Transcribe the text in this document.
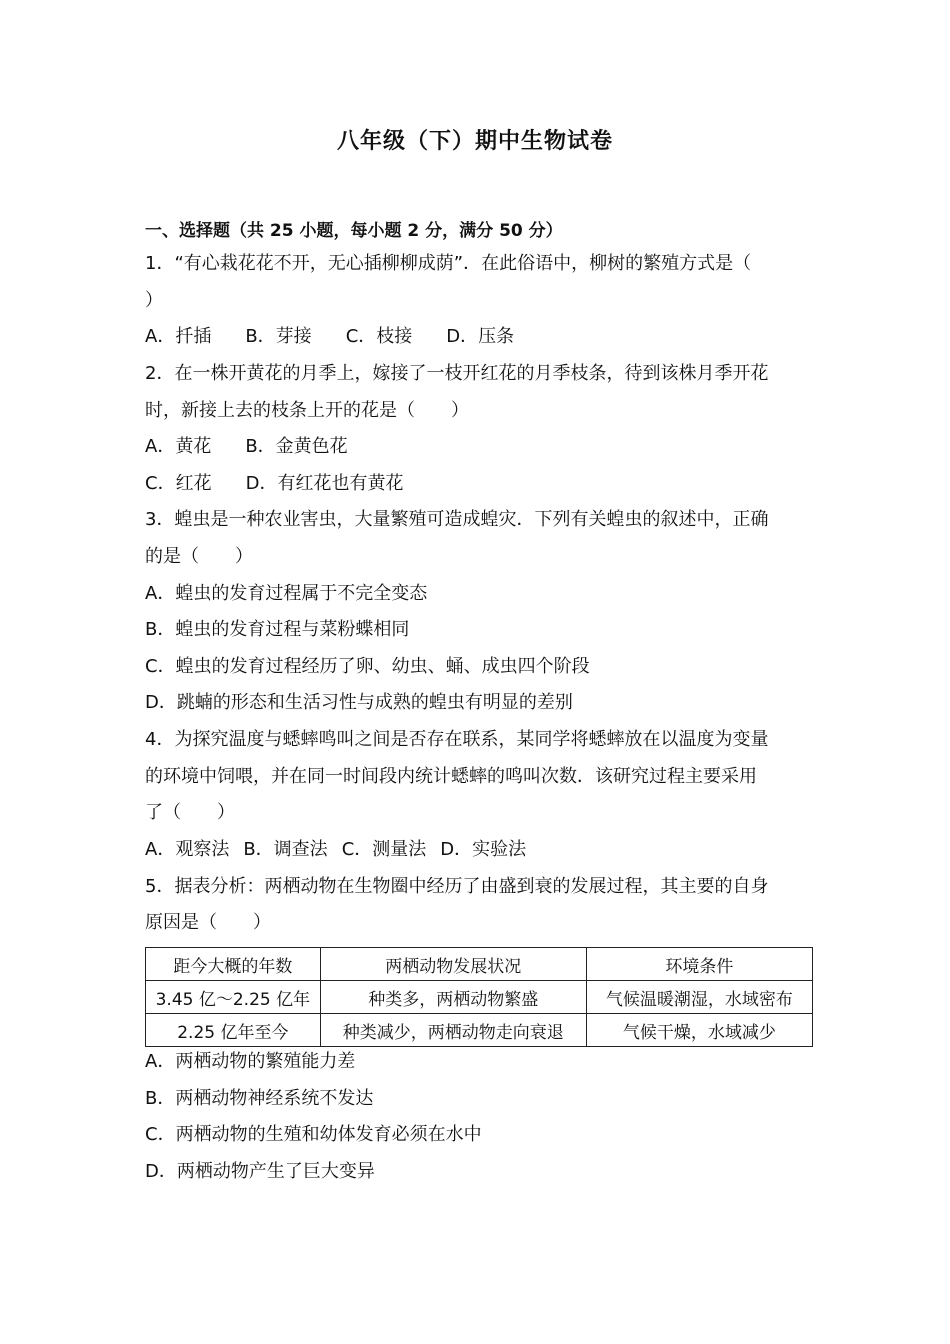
八年级（下）期中生物试卷
一、选择题（共 25 小题，每小题 2 分，满分 50 分）
1．“有心栽花花不开，无心插柳柳成荫”．在此俗语中，柳树的繁殖方式是（
）
A．扦插 B．芽接 C．枝接 D．压条
2．在一株开黄花的月季上，嫁接了一枝开红花的月季枝条，待到该株月季开花
时，新接上去的枝条上开的花是（　　）
A．黄花 B．金黄色花
C．红花 D．有红花也有黄花
3．蝗虫是一种农业害虫，大量繁殖可造成蝗灾．下列有关蝗虫的叙述中，正确
的是（　　）
A．蝗虫的发育过程属于不完全变态
B．蝗虫的发育过程与菜粉蝶相同
C．蝗虫的发育过程经历了卵、幼虫、蛹、成虫四个阶段
D．跳蝻的形态和生活习性与成熟的蝗虫有明显的差别
4．为探究温度与蟋蟀鸣叫之间是否存在联系，某同学将蟋蟀放在以温度为变量
的环境中饲喂，并在同一时间段内统计蟋蟀的鸣叫次数．该研究过程主要采用
了（　　）
A．观察法 B．调查法 C．测量法 D．实验法
5．据表分析：两栖动物在生物圈中经历了由盛到衰的发展过程，其主要的自身
原因是（　　）
距今大概的年数	两栖动物发展状况	环境条件
3.45 亿～2.25 亿年	种类多，两栖动物繁盛	气候温暖潮湿，水域密布
2.25 亿年至今	种类减少，两栖动物走向衰退	气候干燥，水域减少
A．两栖动物的繁殖能力差
B．两栖动物神经系统不发达
C．两栖动物的生殖和幼体发育必须在水中
D．两栖动物产生了巨大变异
